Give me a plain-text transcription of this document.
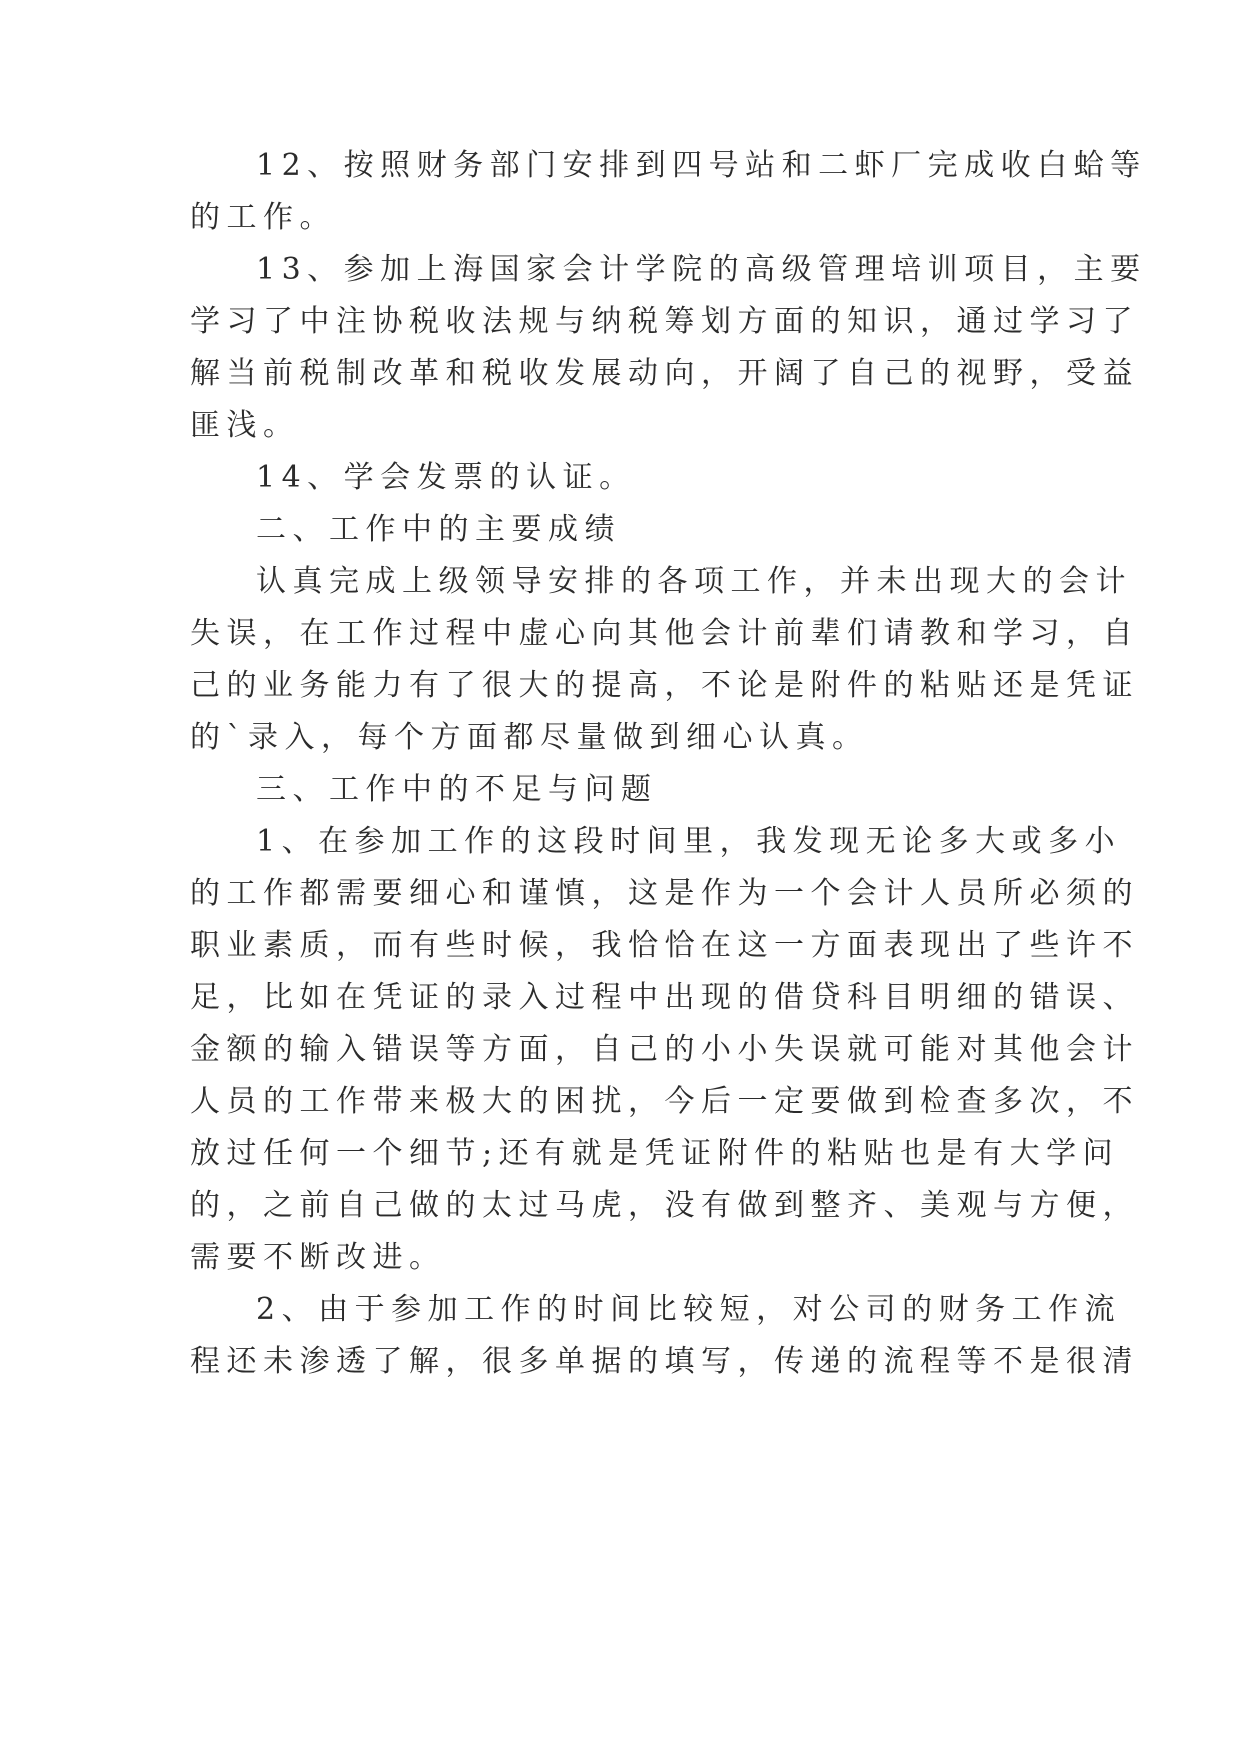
12、按照财务部门安排到四号站和二虾厂完成收白蛤等
的工作。
13、参加上海国家会计学院的高级管理培训项目，主要
学习了中注协税收法规与纳税筹划方面的知识，通过学习了
解当前税制改革和税收发展动向，开阔了自己的视野，受益
匪浅。
14、学会发票的认证。
二、工作中的主要成绩
认真完成上级领导安排的各项工作，并未出现大的会计
失误，在工作过程中虚心向其他会计前辈们请教和学习，自
己的业务能力有了很大的提高，不论是附件的粘贴还是凭证
的`录入，每个方面都尽量做到细心认真。
三、工作中的不足与问题
1、在参加工作的这段时间里，我发现无论多大或多小
的工作都需要细心和谨慎，这是作为一个会计人员所必须的
职业素质，而有些时候，我恰恰在这一方面表现出了些许不
足，比如在凭证的录入过程中出现的借贷科目明细的错误、
金额的输入错误等方面，自己的小小失误就可能对其他会计
人员的工作带来极大的困扰，今后一定要做到检查多次，不
放过任何一个细节;还有就是凭证附件的粘贴也是有大学问
的，之前自己做的太过马虎，没有做到整齐、美观与方便，
需要不断改进。
2、由于参加工作的时间比较短，对公司的财务工作流
程还未渗透了解，很多单据的填写，传递的流程等不是很清
